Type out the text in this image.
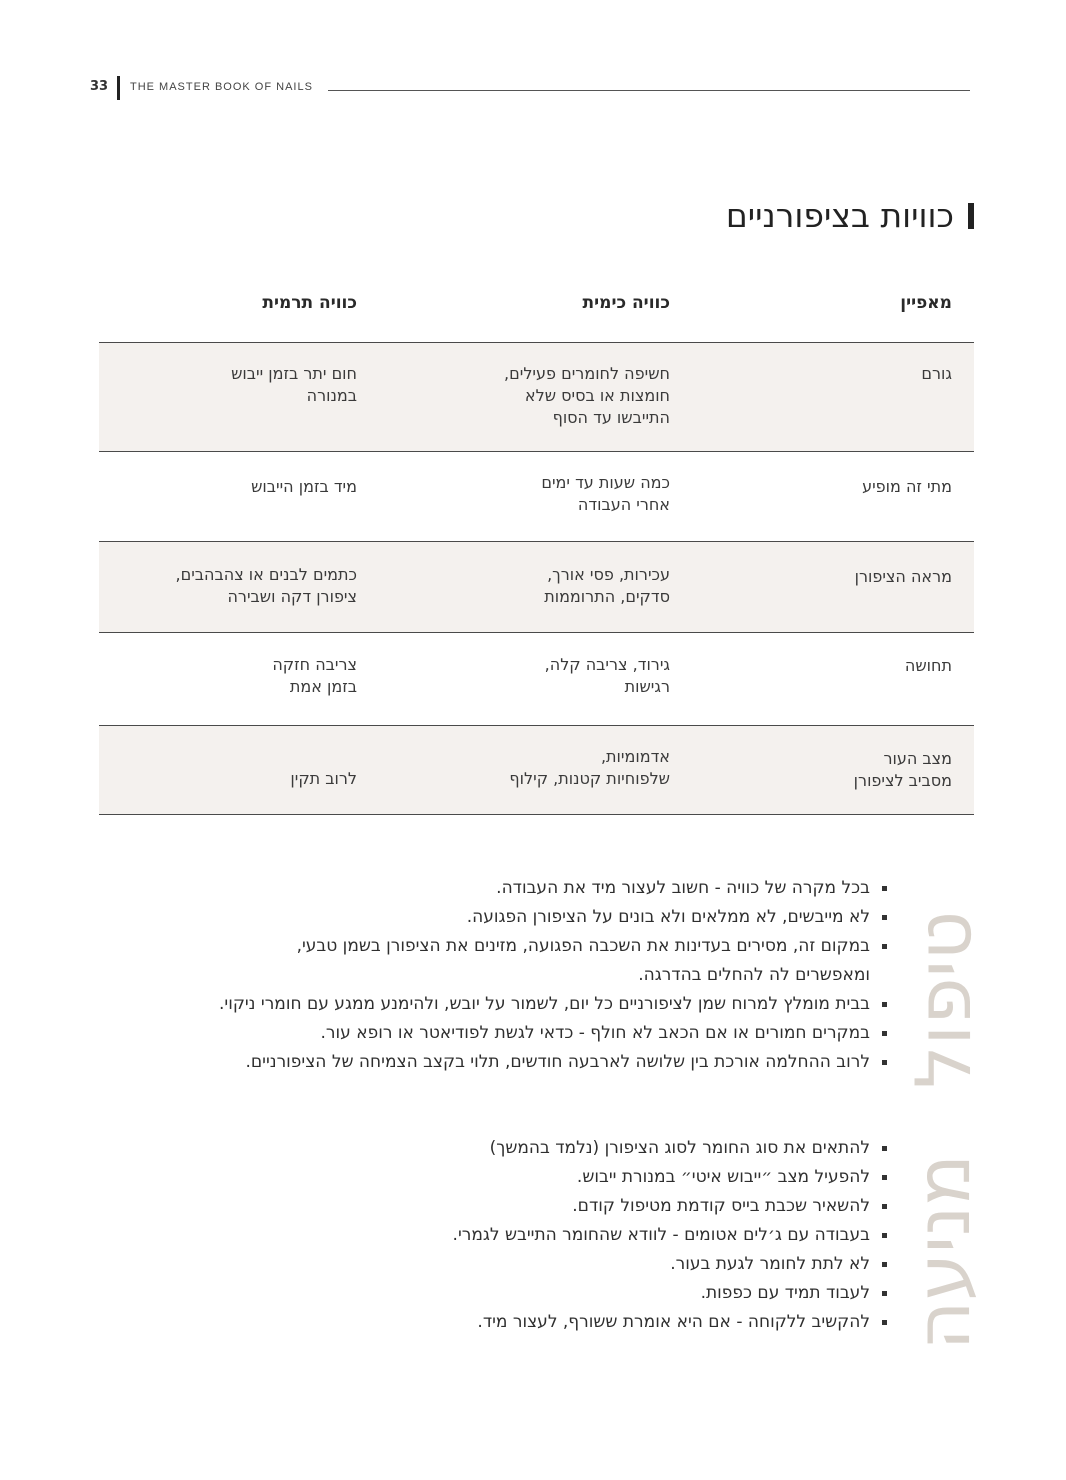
33 THE MASTER BOOK OF NAILS
כוויות בציפורניים
מאפיין
כוויה כימית
כוויה תרמית
גורם
חשיפה לחומרים פעילים,
חומצות או בסיס שלא
התייבשו עד הסוף
חום יתר בזמן ייבוש
במנורה
מתי זה מופיע
כמה שעות עד ימים
אחרי העבודה
מיד בזמן הייבוש
מראה הציפורן
עכירות, פסי אורך,
סדקים, התרוממות
כתמים לבנים או צהבהבים,
ציפורן דקה ושבירה
תחושה
גירוד, צריבה קלה,
רגישות
צריבה חזקה
בזמן אמת
מצב העור
מסביב לציפורן
אדמומיות,
שלפוחיות קטנות, קילוף
לרוב תקין
טיפול
מניעה
בכל מקרה של כוויה - חשוב לעצור מיד את העבודה.
לא מייבשים, לא ממלאים ולא בונים על הציפורן הפגועה.
במקום זה, מסירים בעדינות את השכבה הפגועה, מזינים את הציפורן בשמן טבעי,
ומאפשרים לה להחלים בהדרגה.
בבית מומלץ למרוח שמן לציפורניים כל יום, לשמור על יובש, ולהימנע ממגע עם חומרי ניקוי.
במקרים חמורים או אם הכאב לא חולף - כדאי לגשת לפודיאטר או רופא עור.
לרוב ההחלמה אורכת בין שלושה לארבעה חודשים, תלוי בקצב הצמיחה של הציפורניים.
להתאים את סוג החומר לסוג הציפורן (נלמד בהמשך)
להפעיל מצב ״ייבוש איטי״ במנורת ייבוש.
להשאיר שכבת בייס קודמת מטיפול קודם.
בעבודה עם ג׳לים אטומים - לוודא שהחומר התייבש לגמרי.
לא לתת לחומר לגעת בעור.
לעבוד תמיד עם כפפות.
להקשיב ללקוחה - אם היא אומרת ששורף, לעצור מיד.
